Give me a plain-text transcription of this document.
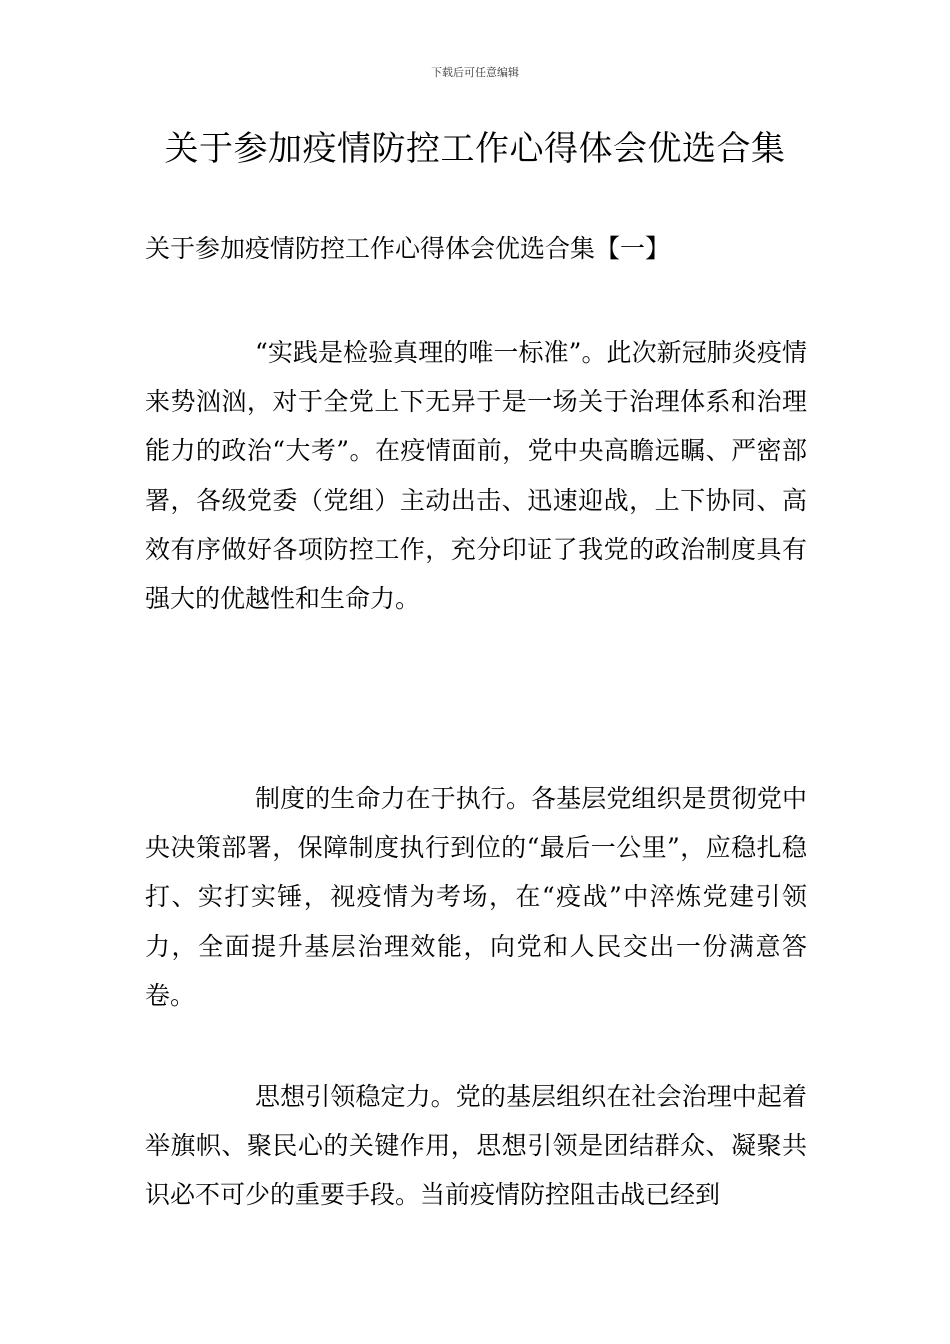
下载后可任意编辑
关于参加疫情防控工作心得体会优选合集
关于参加疫情防控工作心得体会优选合集【一】

“实践是检验真理的唯一标准”。此次新冠肺炎疫情来势汹汹，对于全党上下无异于是一场关于治理体系和治理能力的政治“大考”。在疫情面前，党中央高瞻远瞩、严密部署，各级党委（党组）主动出击、迅速迎战，上下协同、高效有序做好各项防控工作，充分印证了我党的政治制度具有强大的优越性和生命力。

制度的生命力在于执行。各基层党组织是贯彻党中央决策部署，保障制度执行到位的“最后一公里”，应稳扎稳打、实打实锤，视疫情为考场，在“疫战”中淬炼党建引领力，全面提升基层治理效能，向党和人民交出一份满意答卷。

思想引领稳定力。党的基层组织在社会治理中起着举旗帜、聚民心的关键作用，思想引领是团结群众、凝聚共识必不可少的重要手段。当前疫情防控阻击战已经到
